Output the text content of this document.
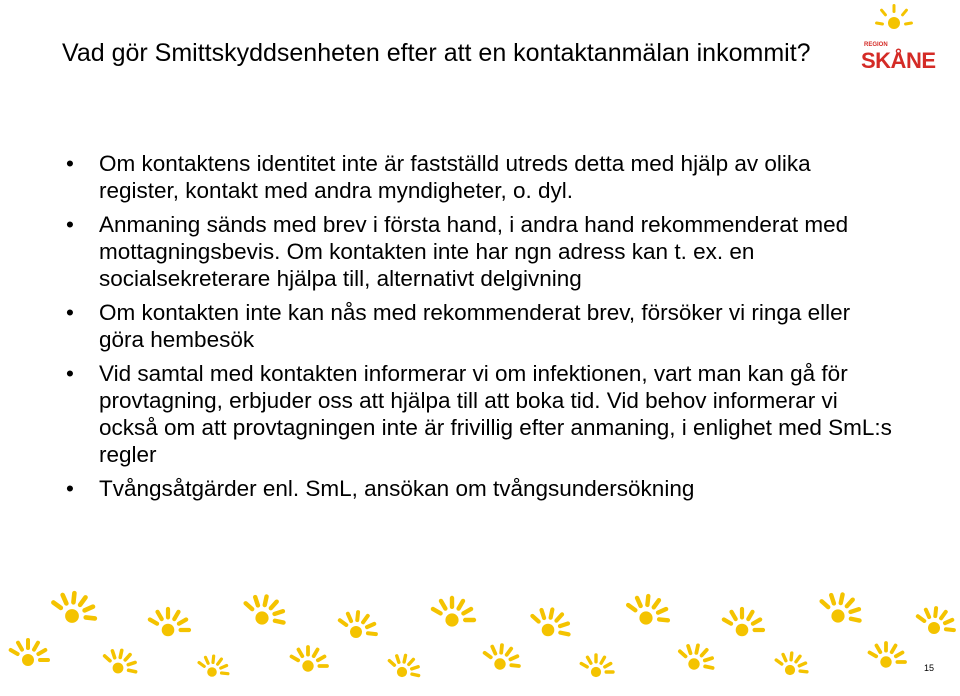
REGION
SKÅNE
Vad gör Smittskyddsenheten efter att en kontaktanmälan inkommit?
• Om kontaktens identitet inte är fastställd utreds detta med hjälp av olika register, kontakt med andra myndigheter, o. dyl.
• Anmaning sänds med brev i första hand, i andra hand rekommenderat med mottagningsbevis. Om kontakten inte har ngn adress kan t. ex. en socialsekreterare hjälpa till, alternativt delgivning
• Om kontakten inte kan nås med rekommenderat brev, försöker vi ringa eller göra hembesök
• Vid samtal med kontakten informerar vi om infektionen, vart man kan gå för provtagning, erbjuder oss att hjälpa till att boka tid. Vid behov informerar vi också om att provtagningen inte är frivillig efter anmaning, i enlighet med SmL:s regler
• Tvångsåtgärder enl. SmL, ansökan om tvångsundersökning
15
